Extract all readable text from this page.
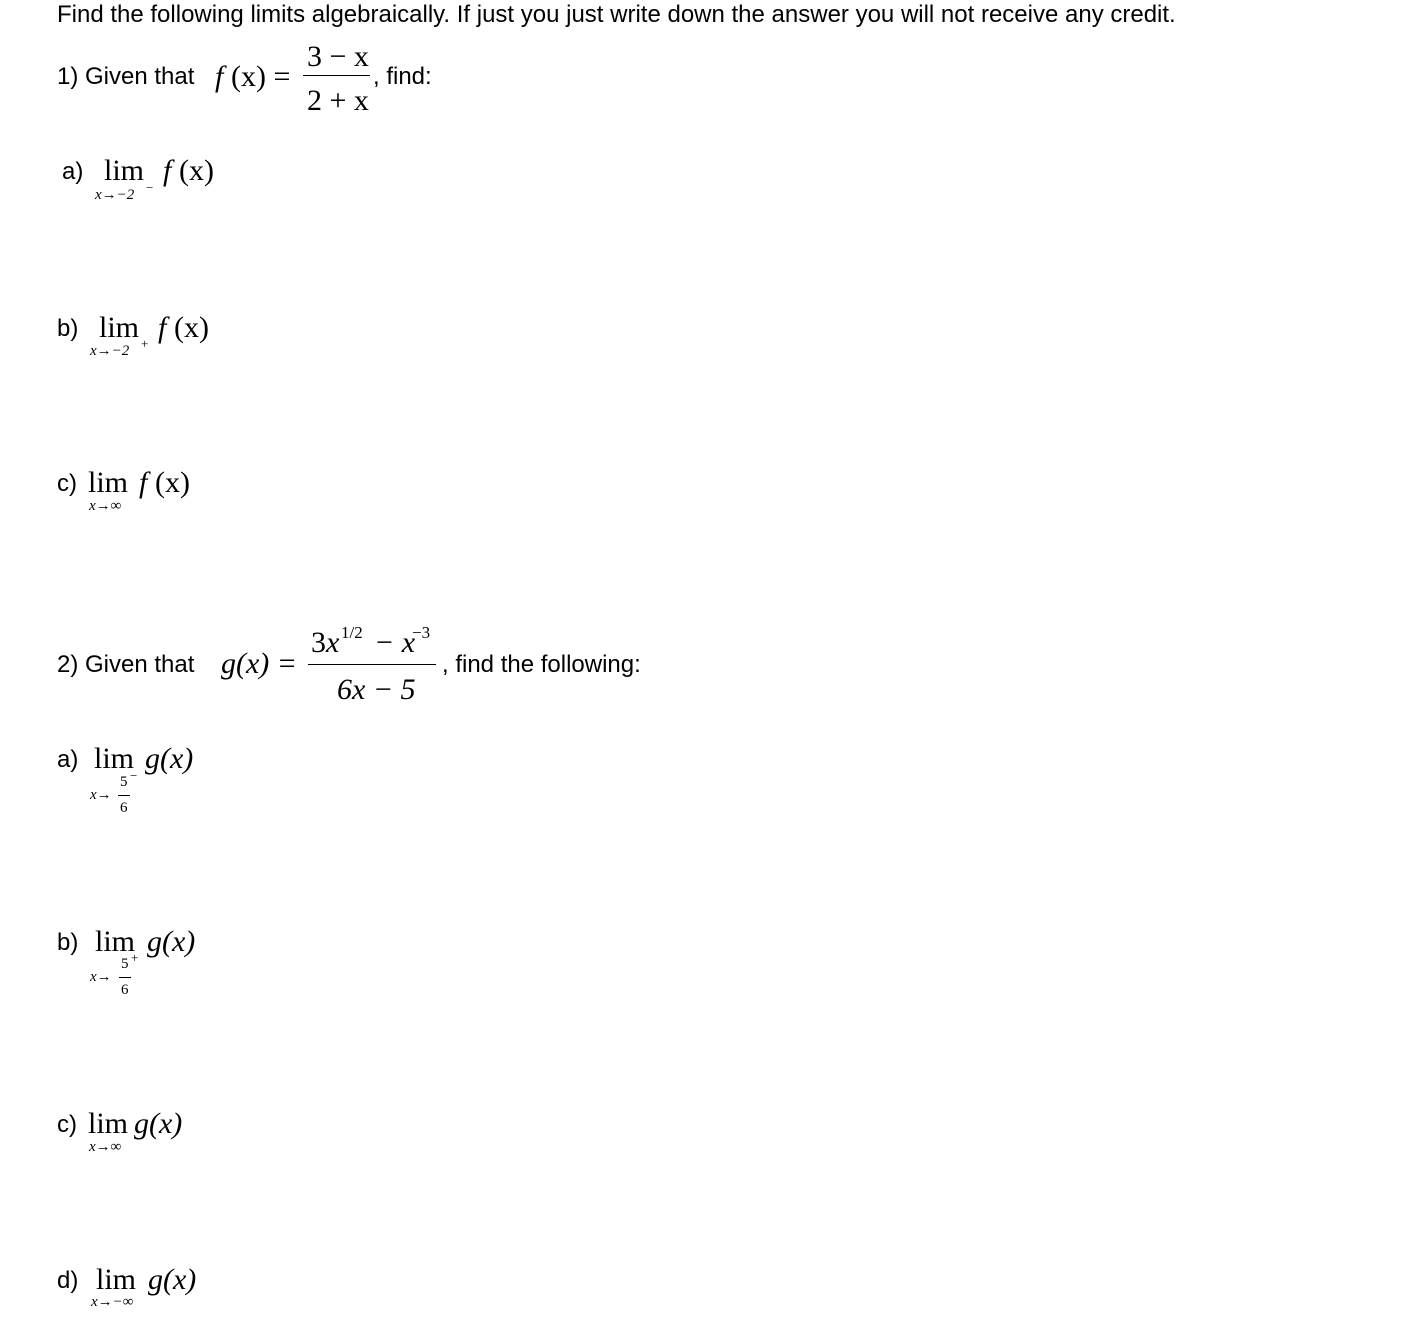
Find the following limits algebraically. If just you just write down the answer you will not receive any credit.
1) Given that f (x) =
3 − x
2 + x
, find:
a) lim
x→−2 −
f (x)
b) lim
x→−2 + f (x)
c) lim
x→∞
f (x)
2) Given that g(x) =
3 x 1/2 − x
−3
6x − 5
, find the following:
a) lim g(x)
x→
5
6
−
b) lim g(x)
x→
5
6
+
c) lim g(x)
x→∞
d) lim g(x)
x→−∞
